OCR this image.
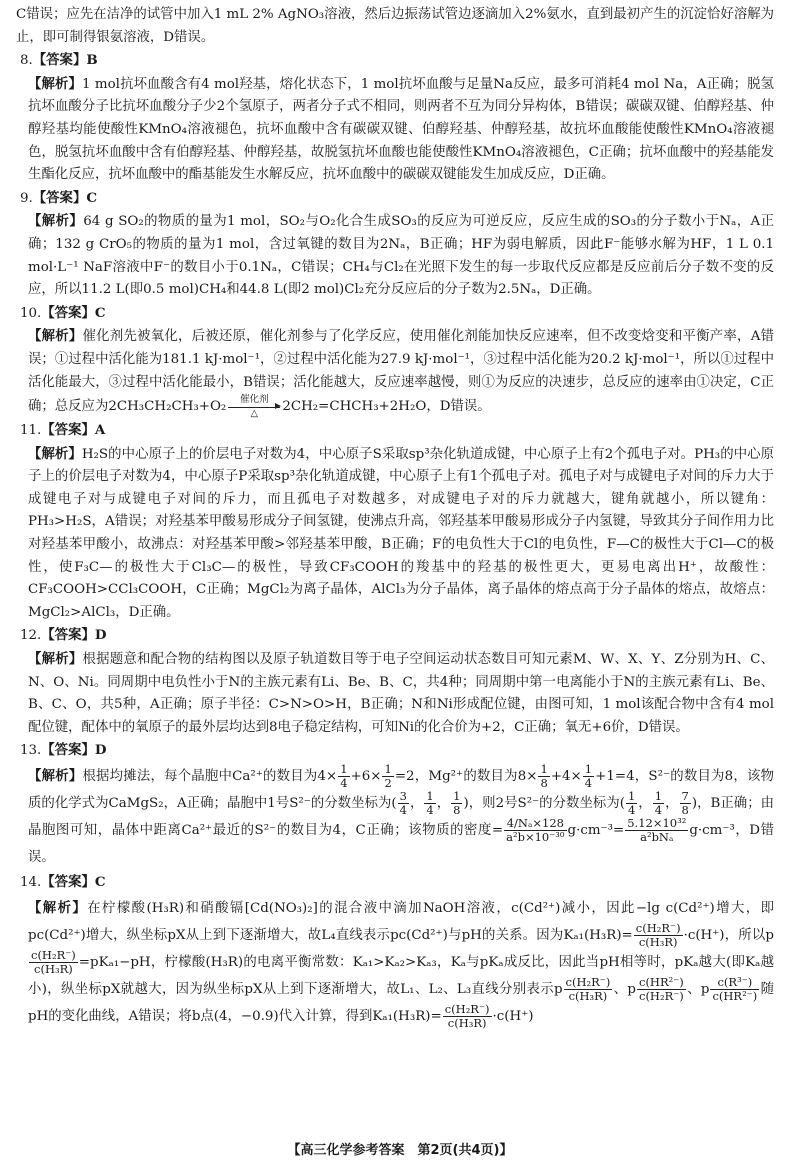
C错误；应先在洁净的试管中加入1 mL 2% AgNO₃溶液，然后边振荡试管边逐滴加入2%氨水，直到最初产生的沉淀恰好溶解为止，即可制得银氨溶液，D错误。

8.【答案】B

【解析】1 mol抗坏血酸含有4 mol羟基，熔化状态下，1 mol抗坏血酸与足量Na反应，最多可消耗4 mol Na，A正确；脱氢抗坏血酸分子比抗坏血酸分子少2个氢原子，两者分子式不相同，则两者不互为同分异构体，B错误；碳碳双键、伯醇羟基、仲醇羟基均能使酸性KMnO₄溶液褪色，抗坏血酸中含有碳碳双键、伯醇羟基、仲醇羟基，故抗坏血酸能使酸性KMnO₄溶液褪色，脱氢抗坏血酸中含有伯醇羟基、仲醇羟基，故脱氢抗坏血酸也能使酸性KMnO₄溶液褪色，C正确；抗坏血酸中的羟基能发生酯化反应，抗坏血酸中的酯基能发生水解反应，抗坏血酸中的碳碳双键能发生加成反应，D正确。

9.【答案】C

【解析】64 g SO₂的物质的量为1 mol，SO₂与O₂化合生成SO₃的反应为可逆反应，反应生成的SO₃的分子数小于Nₐ，A正确；132 g CrO₅的物质的量为1 mol，含过氧键的数目为2Nₐ，B正确；HF为弱电解质，因此F⁻能够水解为HF，1 L 0.1 mol·L⁻¹ NaF溶液中F⁻的数目小于0.1Nₐ，C错误；CH₄与Cl₂在光照下发生的每一步取代反应都是反应前后分子数不变的反应，所以11.2 L(即0.5 mol)CH₄和44.8 L(即2 mol)Cl₂充分反应后的分子数为2.5Nₐ，D正确。

10.【答案】C

【解析】催化剂先被氧化，后被还原，催化剂参与了化学反应，使用催化剂能加快反应速率，但不改变焓变和平衡产率，A错误；①过程中活化能为181.1 kJ·mol⁻¹，②过程中活化能为27.9 kJ·mol⁻¹，③过程中活化能为20.2 kJ·mol⁻¹，所以①过程中活化能最大，③过程中活化能最小，B错误；活化能越大，反应速率越慢，则①为反应的决速步，总反应的速率由①决定，C正确；总反应为2CH₃CH₂CH₃+O₂	催化剂
△	2CH₂=CHCH₃+2H₂O，D错误。

11.【答案】A

【解析】H₂S的中心原子上的价层电子对数为4，中心原子S采取sp³杂化轨道成键，中心原子上有2个孤电子对。PH₃的中心原子上的价层电子对数为4，中心原子P采取sp³杂化轨道成键，中心原子上有1个孤电子对。孤电子对与成键电子对间的斥力大于成键电子对与成键电子对间的斥力，而且孤电子对数越多，对成键电子对的斥力就越大，键角就越小，所以键角：PH₃>H₂S，A错误；对羟基苯甲酸易形成分子间氢键，使沸点升高，邻羟基苯甲酸易形成分子内氢键，导致其分子间作用力比对羟基苯甲酸小，故沸点：对羟基苯甲酸>邻羟基苯甲酸，B正确；F的电负性大于Cl的电负性，F—C的极性大于Cl—C的极性，使F₃C—的极性大于Cl₃C—的极性，导致CF₃COOH的羧基中的羟基的极性更大，更易电离出H⁺，故酸性：CF₃COOH>CCl₃COOH，C正确；MgCl₂为离子晶体，AlCl₃为分子晶体，离子晶体的熔点高于分子晶体的熔点，故熔点：MgCl₂>AlCl₃，D正确。

12.【答案】D

【解析】根据题意和配合物的结构图以及原子轨道数目等于电子空间运动状态数目可知元素M、W、X、Y、Z分别为H、C、N、O、Ni。同周期中电负性小于N的主族元素有Li、Be、B、C，共4种；同周期中第一电离能小于N的主族元素有Li、Be、B、C、O，共5种，A正确；原子半径：C>N>O>H，B正确；N和Ni形成配位键，由图可知，1 mol该配合物中含有4 mol配位键，配体中的氧原子的最外层均达到8电子稳定结构，可知Ni的化合价为+2，C正确；氧无+6价，D错误。

13.【答案】D

【解析】根据均摊法，每个晶胞中Ca²⁺的数目为$4\times \frac{1}{4} +6\times \frac{1}{2} =2$，Mg²⁺的数目为$8\times \frac{1}{8} +4\times \frac{1}{4} +1=4$，S²⁻的数目为8，该物质的化学式为CaMgS₂，A正确；晶胞中1号S²⁻的分数坐标为( $\frac{3}{4}$ ， $\frac{1}{4}$ ， $\frac{1}{8}$ )，则2号S²⁻的分数坐标为( $\frac{1}{4}$ ， $\frac{1}{4}$ ， $\frac{7}{8}$ )，B正确；由晶胞图可知，晶体中距离Ca²⁺最近的S²⁻的数目为4，C正确；该物质的密度= $\frac{\text{4/Nₐ×128}}{\text{a²b×10⁻³⁰}} g\cdot cm^{-3}= \frac{\text{5.12×10³²}}{\text{a²bNₐ}} g\cdot cm^{-3}$，D错误。

14.【答案】C

【解析】在柠檬酸(H₃R)和硝酸镉[Cd(NO₃)₂]的混合液中滴加NaOH溶液，c(Cd²⁺)减小，因此−lg c(Cd²⁺)增大，即pc(Cd²⁺)增大，纵坐标pX从上到下逐渐增大，故L₄直线表示pc(Cd²⁺)与pH的关系。因为$K_{a1}(H_3R)= \frac{\text{c(H₂R⁻)}}{\text{c(H₃R)}} \cdot c(H^+)$，所以p
$\frac{\text{c(H₂R⁻)}}{\text{c(H₃R)}} =pK_{a1}-pH$，柠檬酸(H₃R)的电离平衡常数：Kₐ₁>Kₐ₂>Kₐ₃，Kₐ与pKₐ成反比，因此当pH相等时，pKₐ越大(即Kₐ越小)，纵坐标pX就越大，因为纵坐标pX从上到下逐渐增大，故L₁、L₂、L₃直线分别表示p $\frac{\text{c(H₂R⁻)}}{\text{c(H₃R)}}$ 、p $\frac{\text{c(HR²⁻)}}{\text{c(H₂R⁻)}}$ 、p $\frac{\text{c(R³⁻)}}{\text{c(HR²⁻)}}$ 随pH的变化曲线，A错误；将b点(4，−0.9)代入计算，得到$K_{a1}(H_3R)= \frac{\text{c(H₂R⁻)}}{\text{c(H₃R)}} \cdot c(H^+)$

【高三化学参考答案　第2页(共4页)】
